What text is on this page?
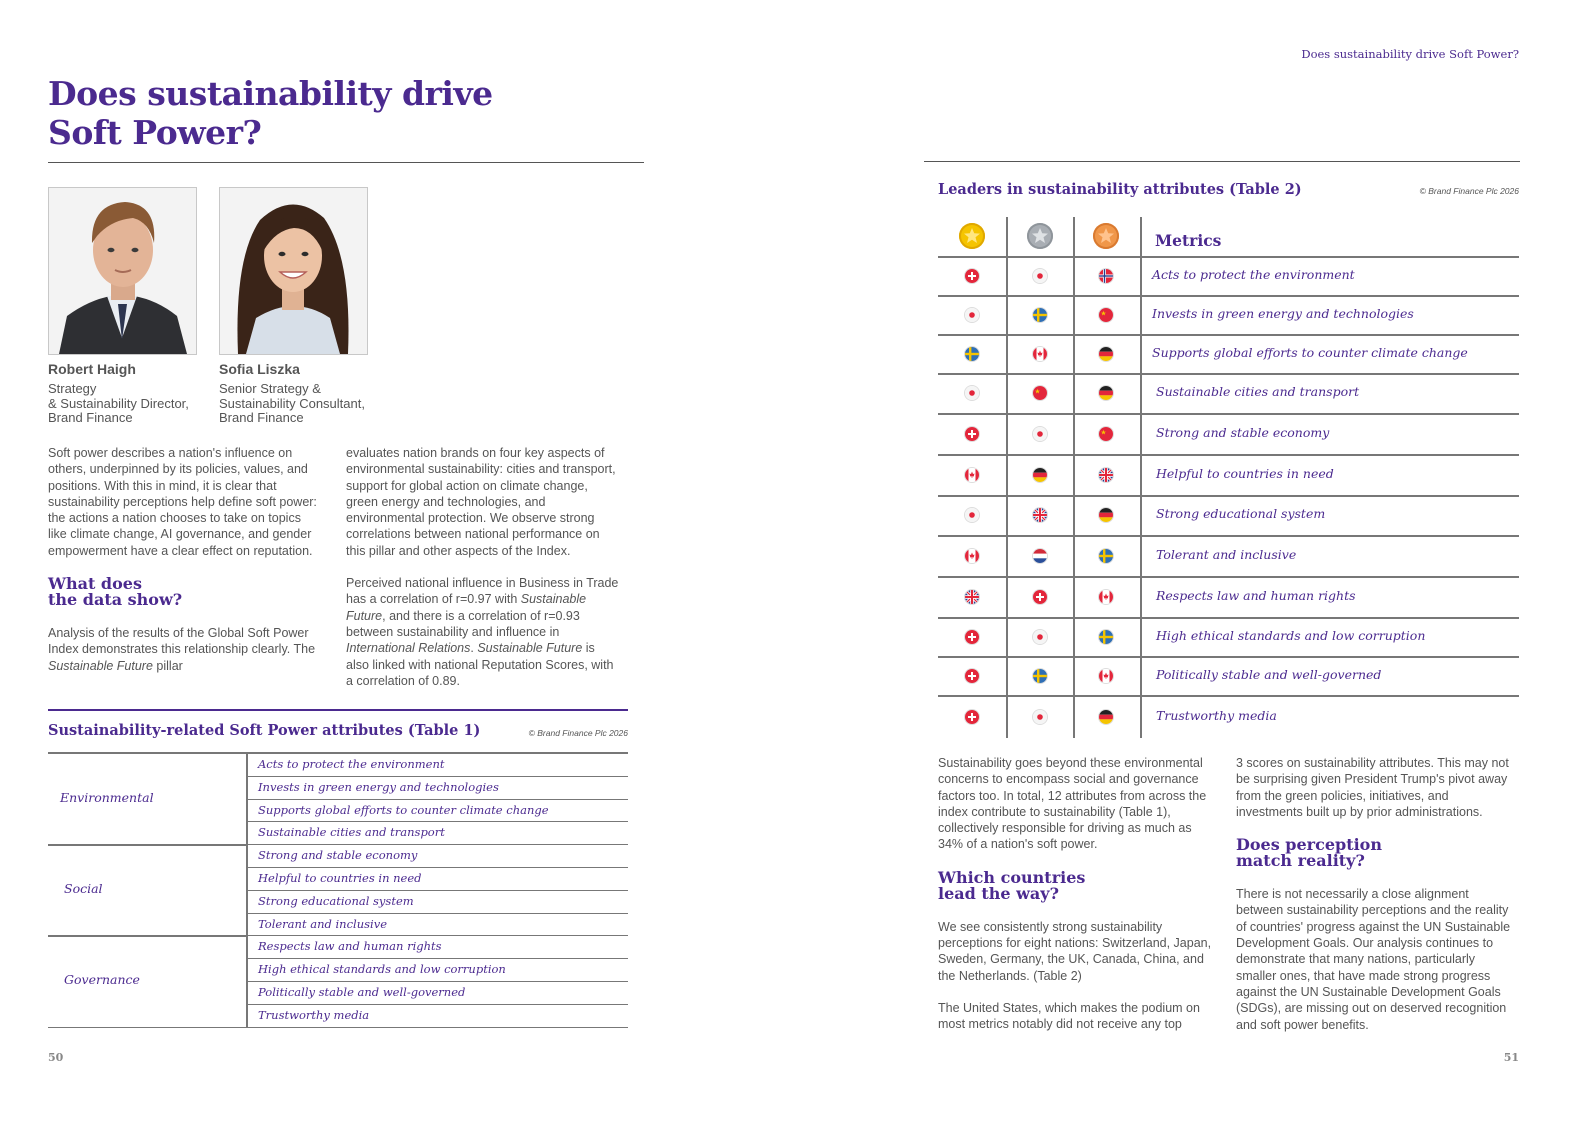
Does sustainability drive Soft Power?
Does sustainability drive
Soft Power?
Robert Haigh
Strategy
& Sustainability Director,
Brand Finance
Sofia Liszka
Senior Strategy &
Sustainability Consultant,
Brand Finance

Soft power describes a nation's influence on others, underpinned by its policies, values, and positions. With this in mind, it is clear that sustainability perceptions help define soft power: the actions a nation chooses to take on topics like climate change, AI governance, and gender empowerment have a clear effect on reputation.

What does
the data show?

Analysis of the results of the Global Soft Power Index demonstrates this relationship clearly. The Sustainable Future pillar

evaluates nation brands on four key aspects of environmental sustainability: cities and transport, support for global action on climate change, green energy and technologies, and environmental protection. We observe strong correlations between national performance on this pillar and other aspects of the Index.

Perceived national influence in Business in Trade has a correlation of r=0.97 with Sustainable Future, and there is a correlation of r=0.93 between sustainability and influence in International Relations. Sustainable Future is also linked with national Reputation Scores, with a correlation of 0.89.

Sustainability-related Soft Power attributes (Table 1)	© Brand Finance Plc 2026
Acts to protect the environment
Invests in green energy and technologies
Supports global efforts to counter climate change
Sustainable cities and transport
Environmental
Strong and stable economy
Helpful to countries in need
Strong educational system
Tolerant and inclusive
Social
Respects law and human rights
High ethical standards and low corruption
Politically stable and well-governed
Trustworthy media
Governance
50
Leaders in sustainability attributes (Table 2)	© Brand Finance Plc 2026
Metrics
Acts to protect the environment
Invests in green energy and technologies
Supports global efforts to counter climate change
Sustainable cities and transport
Strong and stable economy
Helpful to countries in need
Strong educational system
Tolerant and inclusive
Respects law and human rights
High ethical standards and low corruption
Politically stable and well-governed
Trustworthy media

Sustainability goes beyond these environmental concerns to encompass social and governance factors too. In total, 12 attributes from across the index contribute to sustainability (Table 1), collectively responsible for driving as much as 34% of a nation's soft power.

Which countries
lead the way?

We see consistently strong sustainability perceptions for eight nations: Switzerland, Japan, Sweden, Germany, the UK, Canada, China, and the Netherlands. (Table 2)

The United States, which makes the podium on most metrics notably did not receive any top

3 scores on sustainability attributes. This may not be surprising given President Trump's pivot away from the green policies, initiatives, and investments built up by prior administrations.

Does perception
match reality?

There is not necessarily a close alignment between sustainability perceptions and the reality of countries' progress against the UN Sustainable Development Goals. Our analysis continues to demonstrate that many nations, particularly smaller ones, that have made strong progress against the UN Sustainable Development Goals (SDGs), are missing out on deserved recognition and soft power benefits.

51
